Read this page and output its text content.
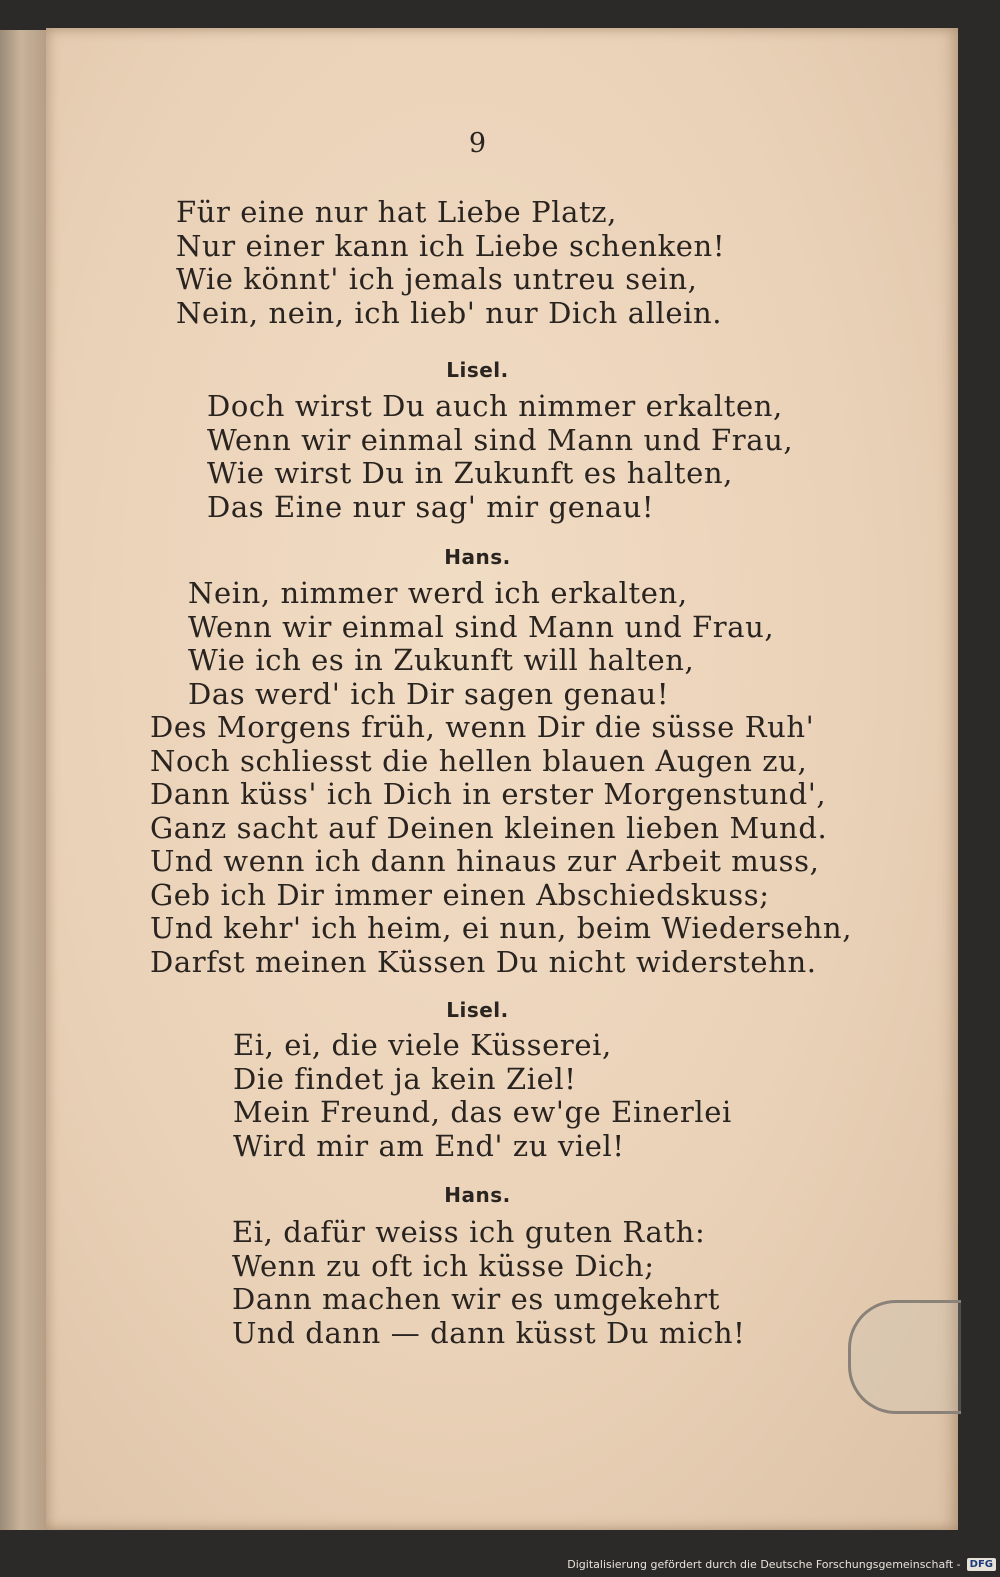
9
Für eine nur hat Liebe Platz,
Nur einer kann ich Liebe schenken!
Wie könnt' ich jemals untreu sein,
Nein, nein, ich lieb' nur Dich allein.
Lisel.
Doch wirst Du auch nimmer erkalten,
Wenn wir einmal sind Mann und Frau,
Wie wirst Du in Zukunft es halten,
Das Eine nur sag' mir genau!
Hans.
Nein, nimmer werd ich erkalten,
Wenn wir einmal sind Mann und Frau,
Wie ich es in Zukunft will halten,
Das werd' ich Dir sagen genau!
Des Morgens früh, wenn Dir die süsse Ruh'
Noch schliesst die hellen blauen Augen zu,
Dann küss' ich Dich in erster Morgenstund',
Ganz sacht auf Deinen kleinen lieben Mund.
Und wenn ich dann hinaus zur Arbeit muss,
Geb ich Dir immer einen Abschiedskuss;
Und kehr' ich heim, ei nun, beim Wiedersehn,
Darfst meinen Küssen Du nicht widerstehn.
Lisel.
Ei, ei, die viele Küsserei,
Die findet ja kein Ziel!
Mein Freund, das ew'ge Einerlei
Wird mir am End' zu viel!
Hans.
Ei, dafür weiss ich guten Rath:
Wenn zu oft ich küsse Dich;
Dann machen wir es umgekehrt
Und dann — dann küsst Du mich!
Digitalisierung gefördert durch die Deutsche Forschungsgemeinschaft - DFG
